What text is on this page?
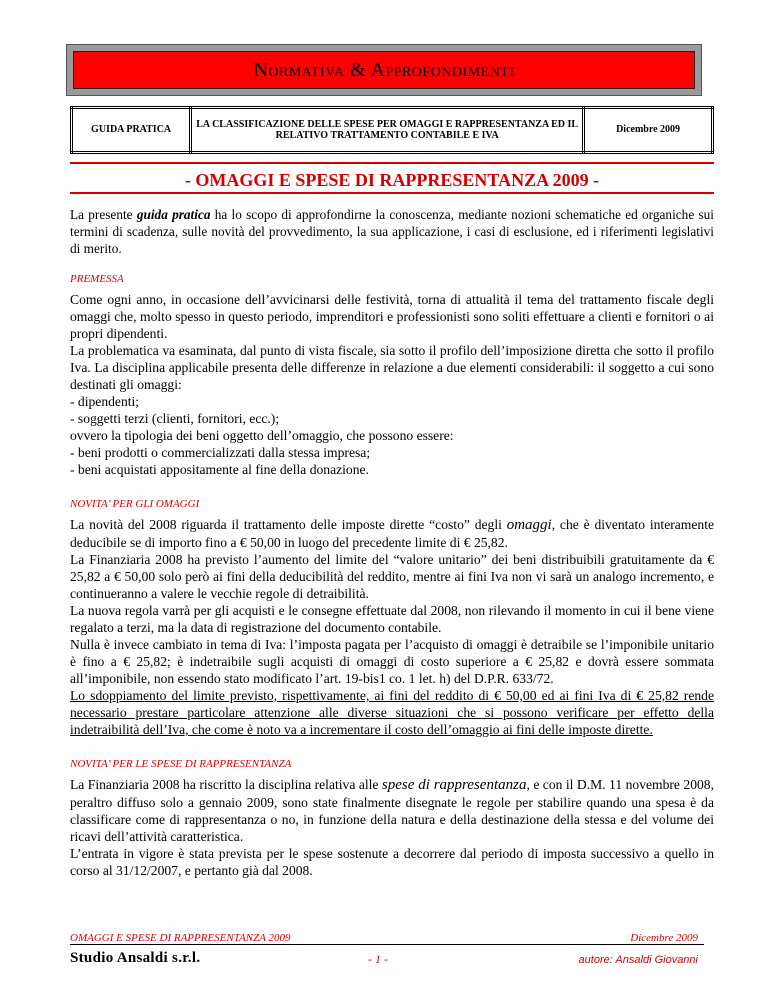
Normativa & Approfondimenti
GUIDA PRATICA	LA CLASSIFICAZIONE DELLE SPESE PER OMAGGI E RAPPRESENTANZA ED IL RELATIVO TRATTAMENTO CONTABILE E IVA	Dicembre 2009
- OMAGGI E SPESE DI RAPPRESENTANZA 2009 -

La presente guida pratica ha lo scopo di approfondirne la conoscenza, mediante nozioni schematiche ed organiche sui termini di scadenza, sulle novità del provvedimento, la sua applicazione, i casi di esclusione, ed i riferimenti legislativi di merito.

PREMESSA

Come ogni anno, in occasione dell’avvicinarsi delle festività, torna di attualità il tema del trattamento fiscale degli omaggi che, molto spesso in questo periodo, imprenditori e professionisti sono soliti effettuare a clienti e fornitori o ai propri dipendenti.

La problematica va esaminata, dal punto di vista fiscale, sia sotto il profilo dell’imposizione diretta che sotto il profilo Iva. La disciplina applicabile presenta delle differenze in relazione a due elementi considerabili: il soggetto a cui sono destinati gli omaggi:

- dipendenti;

- soggetti terzi (clienti, fornitori, ecc.);

ovvero la tipologia dei beni oggetto dell’omaggio, che possono essere:

- beni prodotti o commercializzati dalla stessa impresa;

- beni acquistati appositamente al fine della donazione.

NOVITA’ PER GLI OMAGGI

La novità del 2008 riguarda il trattamento delle imposte dirette “costo” degli omaggi, che è diventato interamente deducibile se di importo fino a € 50,00 in luogo del precedente limite di € 25,82.

La Finanziaria 2008 ha previsto l’aumento del limite del “valore unitario” dei beni distribuibili gratuitamente da € 25,82 a € 50,00 solo però ai fini della deducibilità del reddito, mentre ai fini Iva non vi sarà un analogo incremento, e continueranno a valere le vecchie regole di detraibilità.

La nuova regola varrà per gli acquisti e le consegne effettuate dal 2008, non rilevando il momento in cui il bene viene regalato a terzi, ma la data di registrazione del documento contabile.

Nulla è invece cambiato in tema di Iva: l’imposta pagata per l’acquisto di omaggi è detraibile se l’imponibile unitario è fino a € 25,82; è indetraibile sugli acquisti di omaggi di costo superiore a € 25,82 e dovrà essere sommata all’imponibile, non essendo stato modificato l’art. 19-bis1 co. 1 let. h) del D.P.R. 633/72.

Lo sdoppiamento del limite previsto, rispettivamente, ai fini del reddito di € 50,00 ed ai fini Iva di € 25,82 rende necessario prestare particolare attenzione alle diverse situazioni che si possono verificare per effetto della indetraibilità dell’Iva, che come è noto va a incrementare il costo dell’omaggio ai fini delle imposte dirette.

NOVITA’ PER LE SPESE DI RAPPRESENTANZA

La Finanziaria 2008 ha riscritto la disciplina relativa alle spese di rappresentanza, e con il D.M. 11 novembre 2008, peraltro diffuso solo a gennaio 2009, sono state finalmente disegnate le regole per stabilire quando una spesa è da classificare come di rappresentanza o no, in funzione della natura e della destinazione della stessa e del volume dei ricavi dell’attività caratteristica.

L’entrata in vigore è stata prevista per le spese sostenute a decorrere dal periodo di imposta successivo a quello in corso al 31/12/2007, e pertanto già dal 2008.

OMAGGI E SPESE DI RAPPRESENTANZA 2009	Dicembre 2009
Studio Ansaldi s.r.l.	- 1 -	autore: Ansaldi Giovanni
